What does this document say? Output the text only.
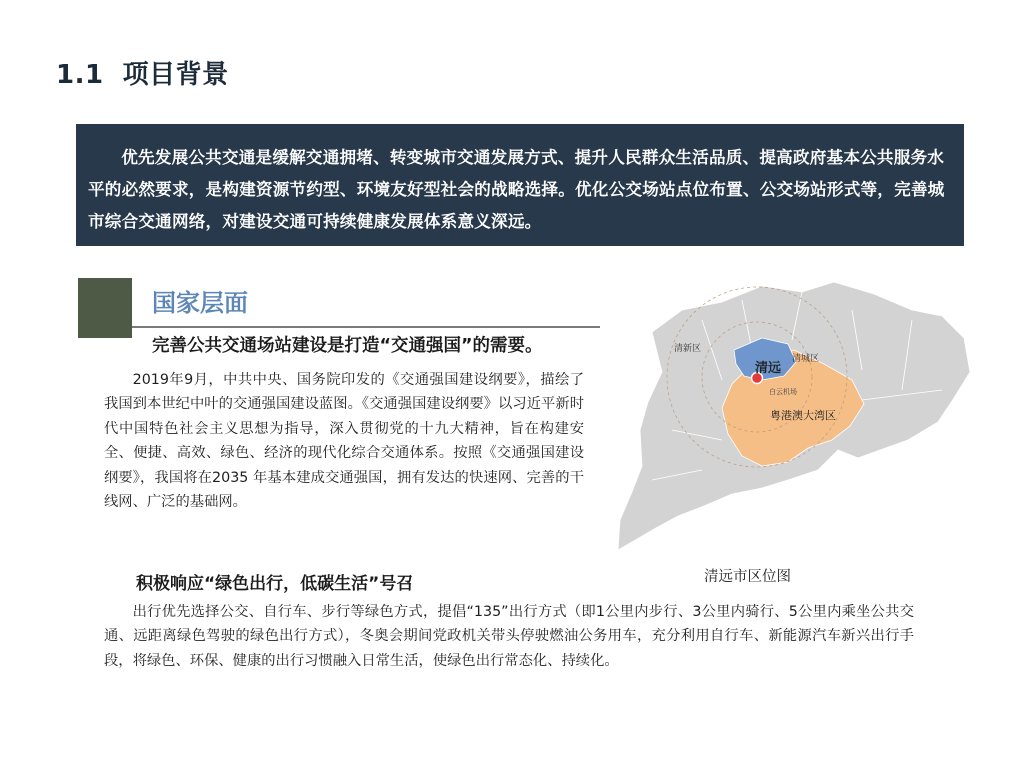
1.1 项目背景

优先发展公共交通是缓解交通拥堵、转变城市交通发展方式、提升人民群众生活品质、提高政府基本公共服务水平的必然要求，是构建资源节约型、环境友好型社会的战略选择。优化公交场站点位布置、公交场站形式等，完善城市综合交通网络，对建设交通可持续健康发展体系意义深远。

国家层面
完善公共交通场站建设是打造“交通强国”的需要。

2019年9月，中共中央、国务院印发的《交通强国建设纲要》，描绘了我国到本世纪中叶的交通强国建设蓝图。《交通强国建设纲要》以习近平新时代中国特色社会主义思想为指导，深入贯彻党的十九大精神，旨在构建安全、便捷、高效、绿色、经济的现代化综合交通体系。按照《交通强国建设纲要》，我国将在2035 年基本建成交通强国，拥有发达的快速网、完善的干线网、广泛的基础网。

清新区
清远
清城区
白云机场
粤港澳大湾区
清远市区位图
积极响应“绿色出行，低碳生活”号召

出行优先选择公交、自行车、步行等绿色方式，提倡“135”出行方式（即1公里内步行、3公里内骑行、5公里内乘坐公共交通、远距离绿色驾驶的绿色出行方式），冬奥会期间党政机关带头停驶燃油公务用车，充分利用自行车、新能源汽车新兴出行手段，将绿色、环保、健康的出行习惯融入日常生活，使绿色出行常态化、持续化。
